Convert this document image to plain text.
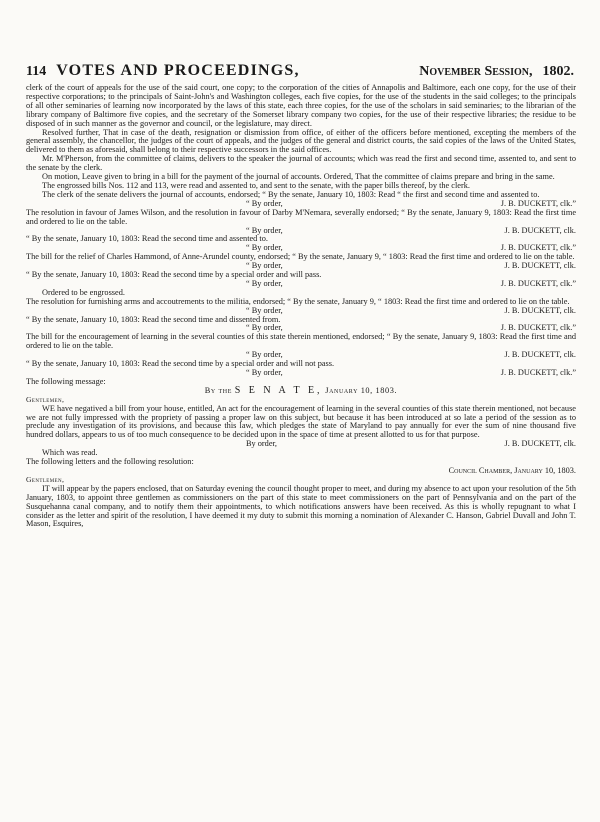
114 VOTES AND PROCEEDINGS,	November Session, 1802.

clerk of the court of appeals for the use of the said court, one copy; to the corporation of the cities of Annapolis and Baltimore, each one copy, for the use of their respective corporations; to the principals of Saint-John's and Washington colleges, each five copies, for the use of the students in the said colleges; to the principals of all other seminaries of learning now incorporated by the laws of this state, each three copies, for the use of the scholars in said seminaries; to the librarian of the library company of Baltimore five copies, and the secretary of the Somerset library company two copies, for the use of their respective libraries; the residue to be disposed of in such manner as the governor and council, or the legislature, may direct.

Resolved further, That in case of the death, resignation or dismission from office, of either of the officers before mentioned, excepting the members of the general assembly, the chancellor, the judges of the court of appeals, and the judges of the general and district courts, the said copies of the laws of the United States, delivered to them as aforesaid, shall belong to their respective successors in the said offices.

Mr. M'Pherson, from the committee of claims, delivers to the speaker the journal of accounts; which was read the first and second time, assented to, and sent to the senate by the clerk.

On motion, Leave given to bring in a bill for the payment of the journal of accounts. Ordered, That the committee of claims prepare and bring in the same.

The engrossed bills Nos. 112 and 113, were read and assented to, and sent to the senate, with the paper bills thereof, by the clerk.

The clerk of the senate delivers the journal of accounts, endorsed; “ By the senate, January 10, 1803: Read “ the first and second time and assented to.

“ By order,	J. B. DUCKETT, clk.”

The resolution in favour of James Wilson, and the resolution in favour of Darby M'Nemara, severally endorsed; “ By the senate, January 9, 1803: Read the first time and ordered to lie on the table.

“ By order,	J. B. DUCKETT, clk.

“ By the senate, January 10, 1803: Read the second time and assented to.

“ By order,	J. B. DUCKETT, clk.”

The bill for the relief of Charles Hammond, of Anne-Arundel county, endorsed; “ By the senate, January 9, “ 1803: Read the first time and ordered to lie on the table.

“ By order,	J. B. DUCKETT, clk.

“ By the senate, January 10, 1803: Read the second time by a special order and will pass.

“ By order,	J. B. DUCKETT, clk.”

Ordered to be engrossed.

The resolution for furnishing arms and accoutrements to the militia, endorsed; “ By the senate, January 9, “ 1803: Read the first time and ordered to lie on the table.

“ By order,	J. B. DUCKETT, clk.

“ By the senate, January 10, 1803: Read the second time and dissented from.

“ By order,	J. B. DUCKETT, clk.”

The bill for the encouragement of learning in the several counties of this state therein mentioned, endorsed; “ By the senate, January 9, 1803: Read the first time and ordered to lie on the table.

“ By order,	J. B. DUCKETT, clk.

“ By the senate, January 10, 1803: Read the second time by a special order and will not pass.

“ By order,	J. B. DUCKETT, clk.”

The following message:

By the S E N A T E, January 10, 1803.

Gentlemen,

WE have negatived a bill from your house, entitled, An act for the encouragement of learning in the several counties of this state therein mentioned, not because we are not fully impressed with the propriety of passing a proper law on this subject, but because it has been introduced at so late a period of the session as to preclude any investigation of its provisions, and because this law, which pledges the state of Maryland to pay annually for ever the sum of nine thousand five hundred dollars, appears to us of too much consequence to be decided upon in the space of time at present allotted to us for that purpose.

By order,	J. B. DUCKETT, clk.

Which was read.

The following letters and the following resolution:

Council Chamber, January 10, 1803.

Gentlemen,

IT will appear by the papers enclosed, that on Saturday evening the council thought proper to meet, and during my absence to act upon your resolution of the 5th January, 1803, to appoint three gentlemen as commissioners on the part of this state to meet commissioners on the part of Pennsylvania and on the part of the Susquehanna canal company, and to notify them their appointments, to which notifications answers have been received. As this is wholly repugnant to what I consider as the letter and spirit of the resolution, I have deemed it my duty to submit this morning a nomination of Alexander C. Hanson, Gabriel Duvall and John T. Mason, Esquires,
